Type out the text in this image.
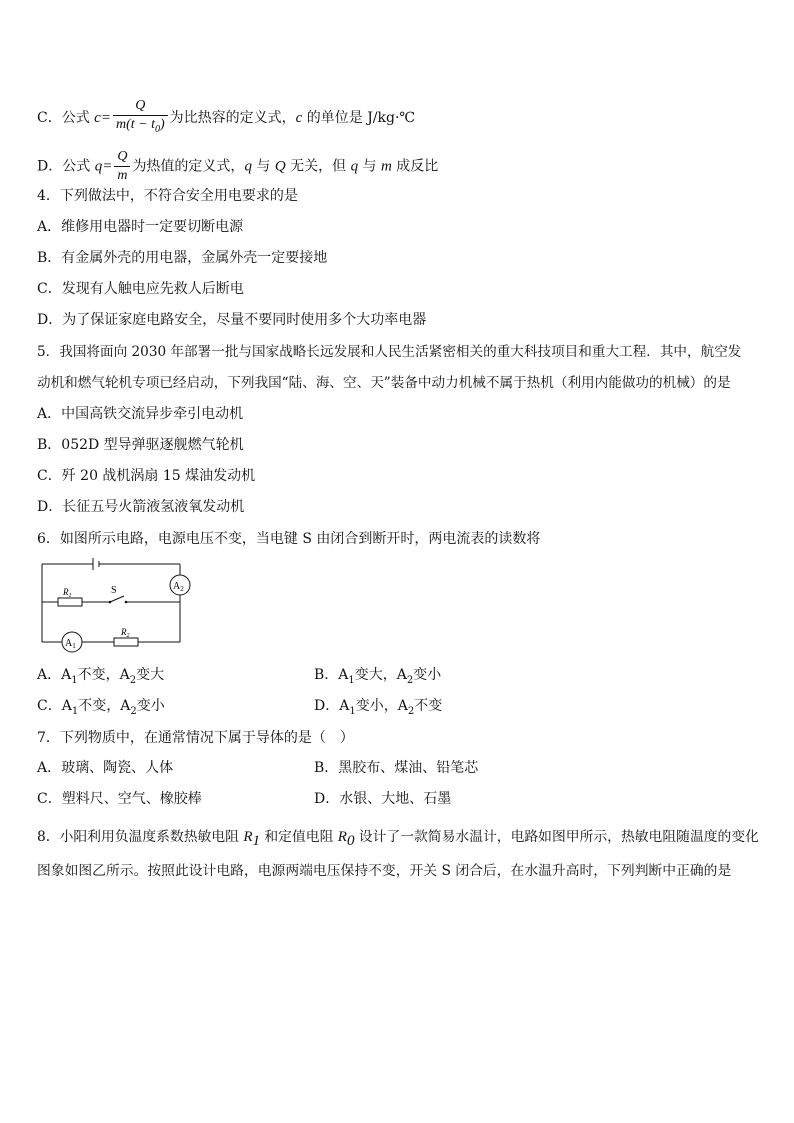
C．公式 $c= \frac{Q}{m(t - t_0)}$ 为比热容的定义式，c 的单位是 J/kg·℃
D．公式 $q= \frac{Q}{m}$ 为热值的定义式，q 与 Q 无关，但 q 与 m 成反比
4．下列做法中，不符合安全用电要求的是
A．维修用电器时一定要切断电源
B．有金属外壳的用电器，金属外壳一定要接地
C．发现有人触电应先救人后断电
D．为了保证家庭电路安全，尽量不要同时使用多个大功率电器
5．我国将面向 2030 年部署一批与国家战略长远发展和人民生活紧密相关的重大科技项目和重大工程．其中，航空发
动机和燃气轮机专项已经启动，下列我国“陆、海、空、天”装备中动力机械不属于热机（利用内能做功的机械）的是
A．中国高铁交流异步牵引电动机
B．052D 型导弹驱逐舰燃气轮机
C．歼 20 战机涡扇 15 煤油发动机
D．长征五号火箭液氢液氧发动机
6．如图所示电路，电源电压不变，当电键 S 由闭合到断开时，两电流表的读数将
$R_1$	S	$A_2$
$A_1$
$R_2$
A．$A_1$不变，$A_2$变大	B．$A_1$变大，$A_2$变小
C．$A_1$不变，$A_2$变小	D．$A_1$变小，$A_2$不变
7．下列物质中，在通常情况下属于导体的是（　）
A．玻璃、陶瓷、人体	B．黑胶布、煤油、铅笔芯
C．塑料尺、空气、橡胶棒	D．水银、大地、石墨
8．小阳利用负温度系数热敏电阻 $R_1$ 和定值电阻 $R_0$ 设计了一款简易水温计，电路如图甲所示，热敏电阻随温度的变化
图象如图乙所示。按照此设计电路，电源两端电压保持不变，开关 S 闭合后，在水温升高时，下列判断中正确的是
